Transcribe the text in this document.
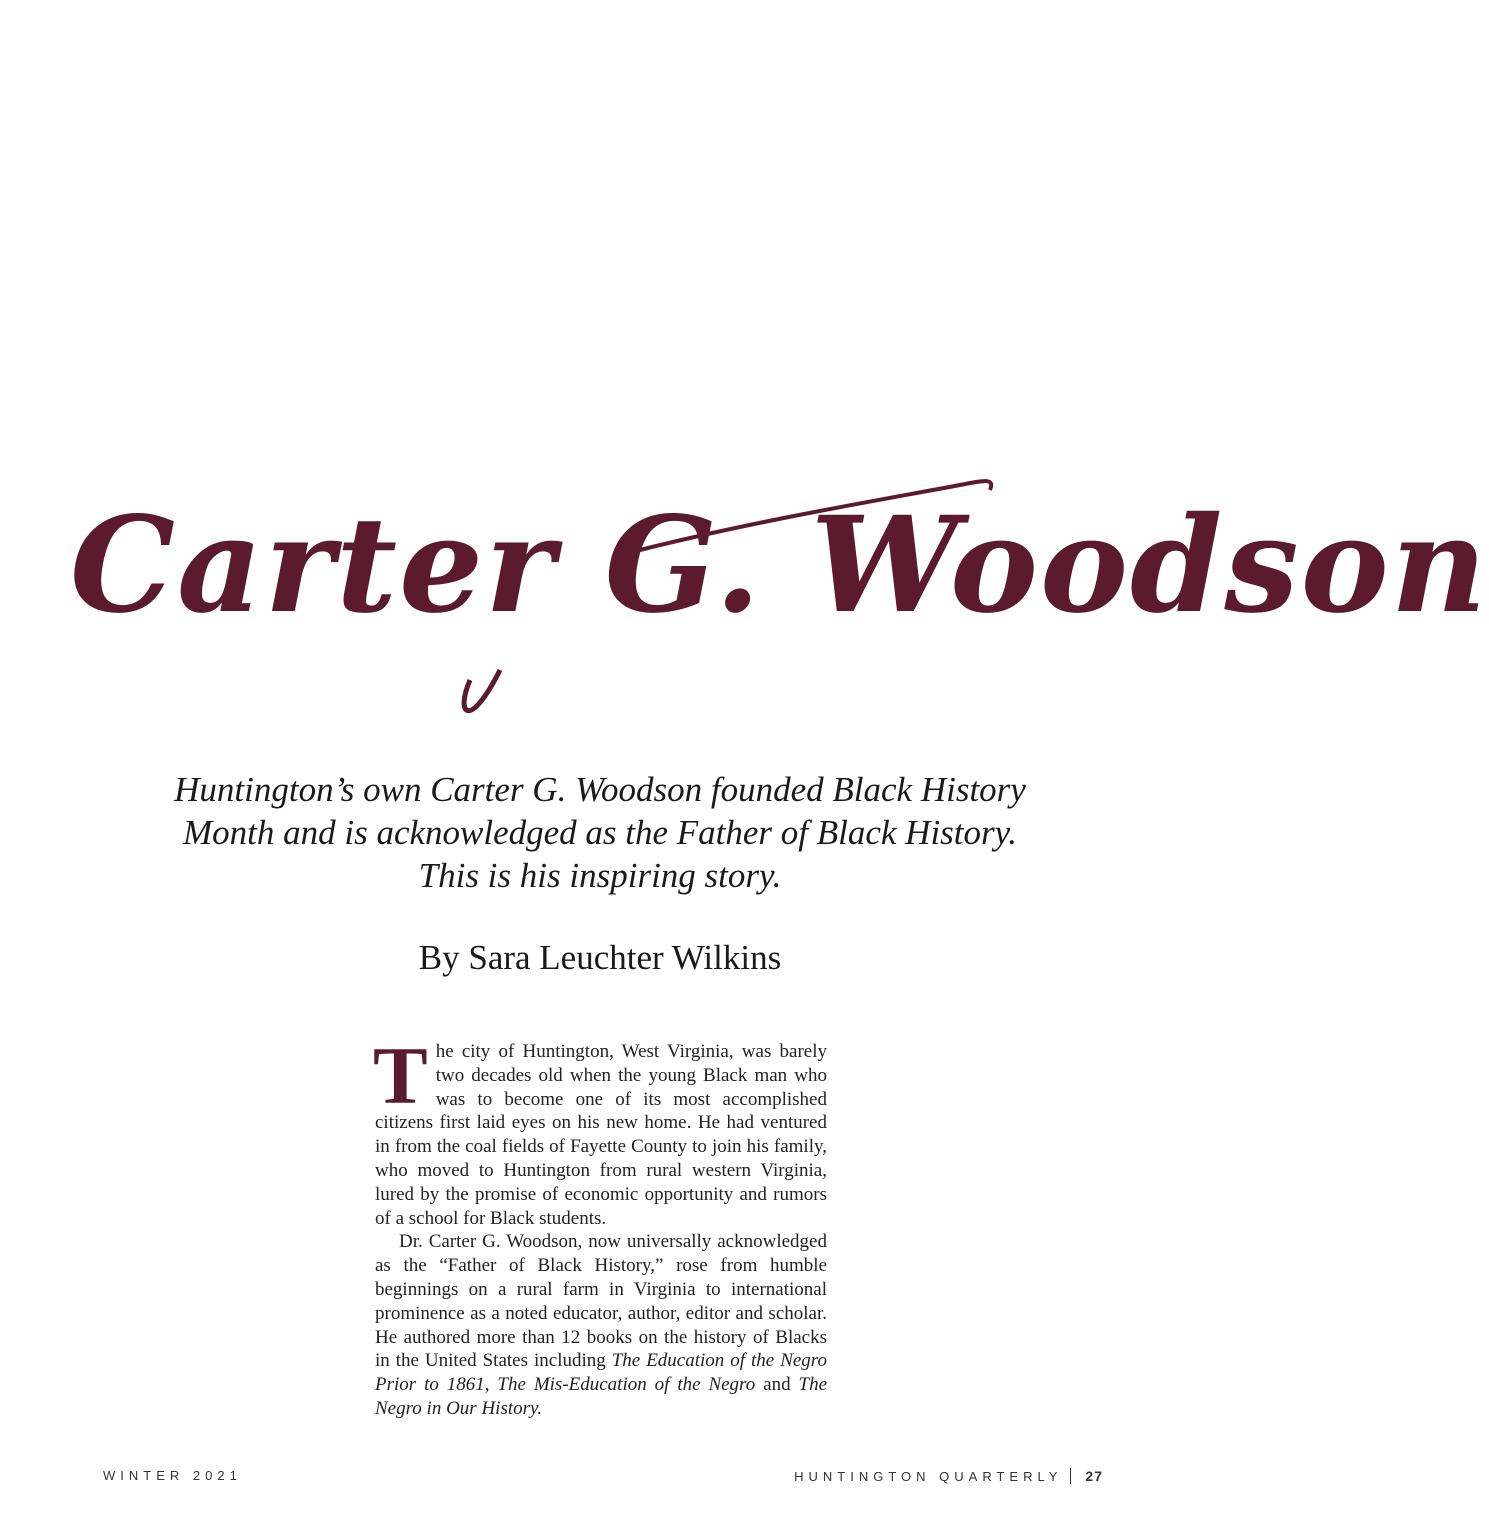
Carter G. Woodson
Huntington’s own Carter G. Woodson founded Black History
Month and is acknowledged as the Father of Black History.
This is his inspiring story.
By Sara Leuchter Wilkins

The city of Huntington, West Virginia, was barely two decades old when the young Black man who was to become one of its most accomplished citizens first laid eyes on his new home. He had ventured in from the coal fields of Fayette County to join his family, who moved to Huntington from rural western Virginia, lured by the promise of economic opportunity and rumors of a school for Black students.

Dr. Carter G. Woodson, now universally acknowledged as the “Father of Black History,” rose from humble beginnings on a rural farm in Virginia to international prominence as a noted educator, author, editor and scholar. He authored more than 12 books on the history of Blacks in the United States including The Education of the Negro Prior to 1861, The Mis-Education of the Negro and The Negro in Our History.

WINTER 2021	HUNTINGTON QUARTERLY 27
